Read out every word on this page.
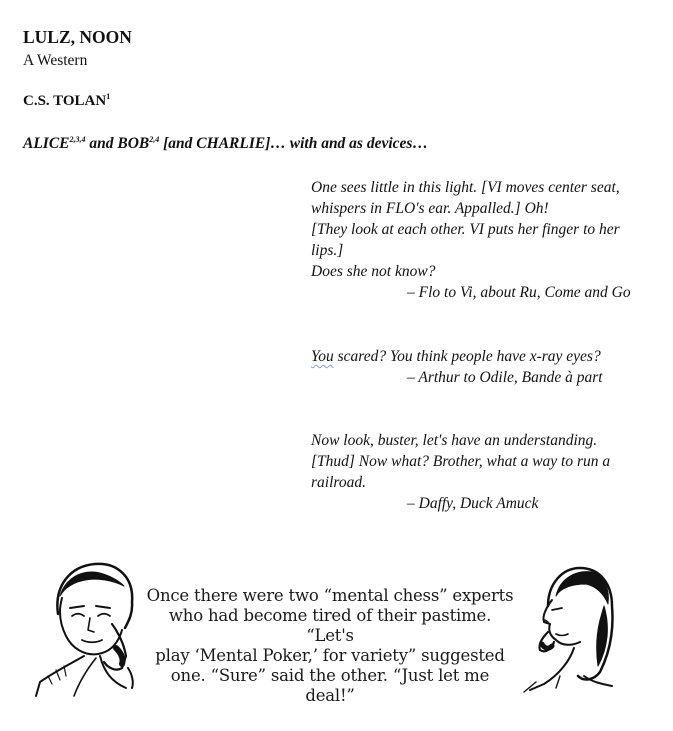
LULZ, NOON
A Western
C.S. TOLAN$^1$
ALICE$^{2,3,4}$ and BOB$^{2,4}$ [and CHARLIE]… with and as devices…
One sees little in this light. [VI moves center seat,
whispers in FLO's ear. Appalled.] Oh!
[They look at each other. VI puts her finger to her
lips.]
Does she not know?
– Flo to Vi, about Ru, Come and Go
You scared? You think people have x-ray eyes?
– Arthur to Odile, Bande à part
Now look, buster, let's have an understanding.
[Thud] Now what? Brother, what a way to run a
railroad.
– Daffy, Duck Amuck
Once there were two “mental chess” experts
who had become tired of their pastime. “Let's
play ‘Mental Poker,’ for variety” suggested
one. “Sure” said the other. “Just let me deal!”
